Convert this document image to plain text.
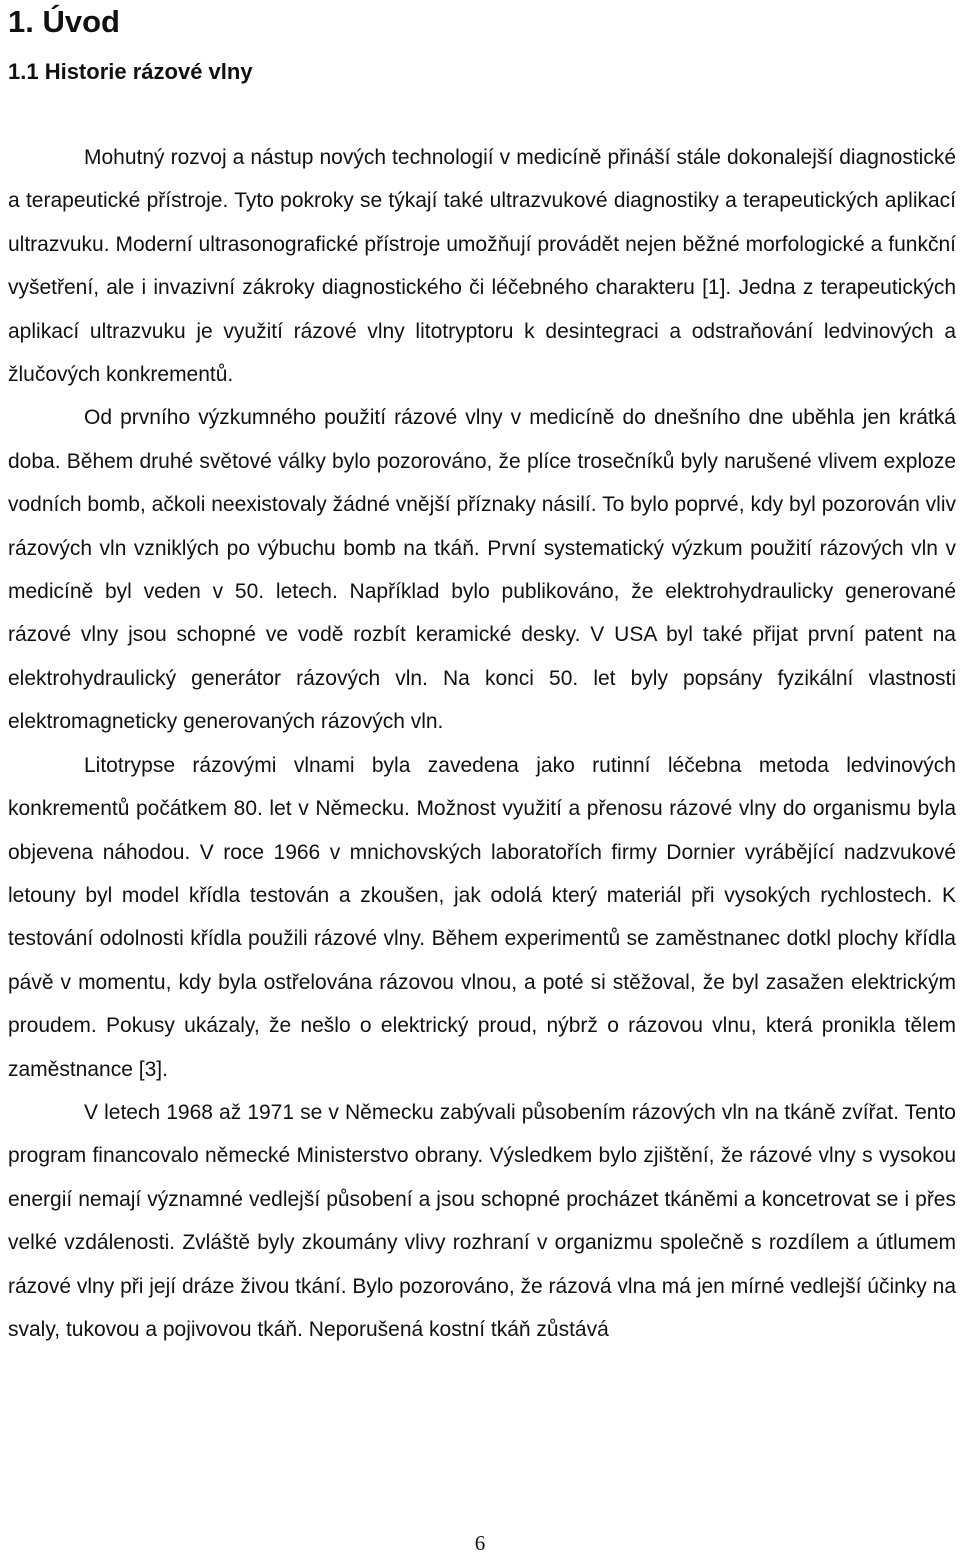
1. Úvod
1.1 Historie rázové vlny

Mohutný rozvoj a nástup nových technologií v medicíně přináší stále dokonalejší diagnostické a terapeutické přístroje. Tyto pokroky se týkají také ultrazvukové diagnostiky a terapeutických aplikací ultrazvuku. Moderní ultrasonografické přístroje umožňují provádět nejen běžné morfologické a funkční vyšetření, ale i invazivní zákroky diagnostického či léčebného charakteru [1]. Jedna z terapeutických aplikací ultrazvuku je využití rázové vlny litotryptoru k desintegraci a odstraňování ledvinových a žlučových konkrementů.

Od prvního výzkumného použití rázové vlny v medicíně do dnešního dne uběhla jen krátká doba. Během druhé světové války bylo pozorováno, že plíce trosečníků byly narušené vlivem exploze vodních bomb, ačkoli neexistovaly žádné vnější příznaky násilí. To bylo poprvé, kdy byl pozorován vliv rázových vln vzniklých po výbuchu bomb na tkáň. První systematický výzkum použití rázových vln v medicíně byl veden v 50. letech. Například bylo publikováno, že elektrohydraulicky generované rázové vlny jsou schopné ve vodě rozbít keramické desky. V USA byl také přijat první patent na elektrohydraulický generátor rázových vln. Na konci 50. let byly popsány fyzikální vlastnosti elektromagneticky generovaných rázových vln.

Litotrypse rázovými vlnami byla zavedena jako rutinní léčebna metoda ledvinových konkrementů počátkem 80. let v Německu. Možnost využití a přenosu rázové vlny do organismu byla objevena náhodou. V roce 1966 v mnichovských laboratořích firmy Dornier vyrábějící nadzvukové letouny byl model křídla testován a zkoušen, jak odolá který materiál při vysokých rychlostech. K testování odolnosti křídla použili rázové vlny. Během experimentů se zaměstnanec dotkl plochy křídla pávě v momentu, kdy byla ostřelována rázovou vlnou, a poté si stěžoval, že byl zasažen elektrickým proudem. Pokusy ukázaly, že nešlo o elektrický proud, nýbrž o rázovou vlnu, která pronikla tělem zaměstnance [3].

V letech 1968 až 1971 se v Německu zabývali působením rázových vln na tkáně zvířat. Tento program financovalo německé Ministerstvo obrany. Výsledkem bylo zjištění, že rázové vlny s vysokou energií nemají významné vedlejší působení a jsou schopné procházet tkáněmi a koncetrovat se i přes velké vzdálenosti. Zvláště byly zkoumány vlivy rozhraní v organizmu společně s rozdílem a útlumem rázové vlny při její dráze živou tkání. Bylo pozorováno, že rázová vlna má jen mírné vedlejší účinky na svaly, tukovou a pojivovou tkáň. Neporušená kostní tkáň zůstává

6
